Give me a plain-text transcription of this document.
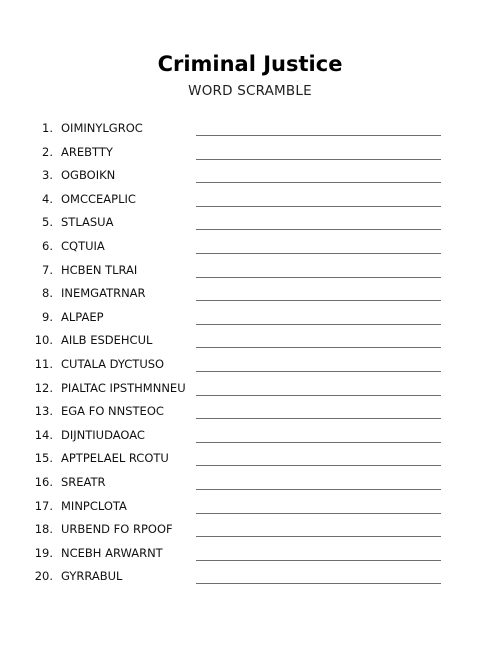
Criminal Justice
WORD SCRAMBLE
1. OIMINYLGROC
2. AREBTTY
3. OGBOIKN
4. OMCCEAPLIC
5. STLASUA
6. CQTUIA
7. HCBEN TLRAI
8. INEMGATRNAR
9. ALPAEP
10. AILB ESDEHCUL
11. CUTALA DYCTUSO
12. PIALTAC IPSTHMNNEU
13. EGA FO NNSTEOC
14. DIJNTIUDAOAC
15. APTPELAEL RCOTU
16. SREATR
17. MINPCLOTA
18. URBEND FO RPOOF
19. NCEBH ARWARNT
20. GYRRABUL
